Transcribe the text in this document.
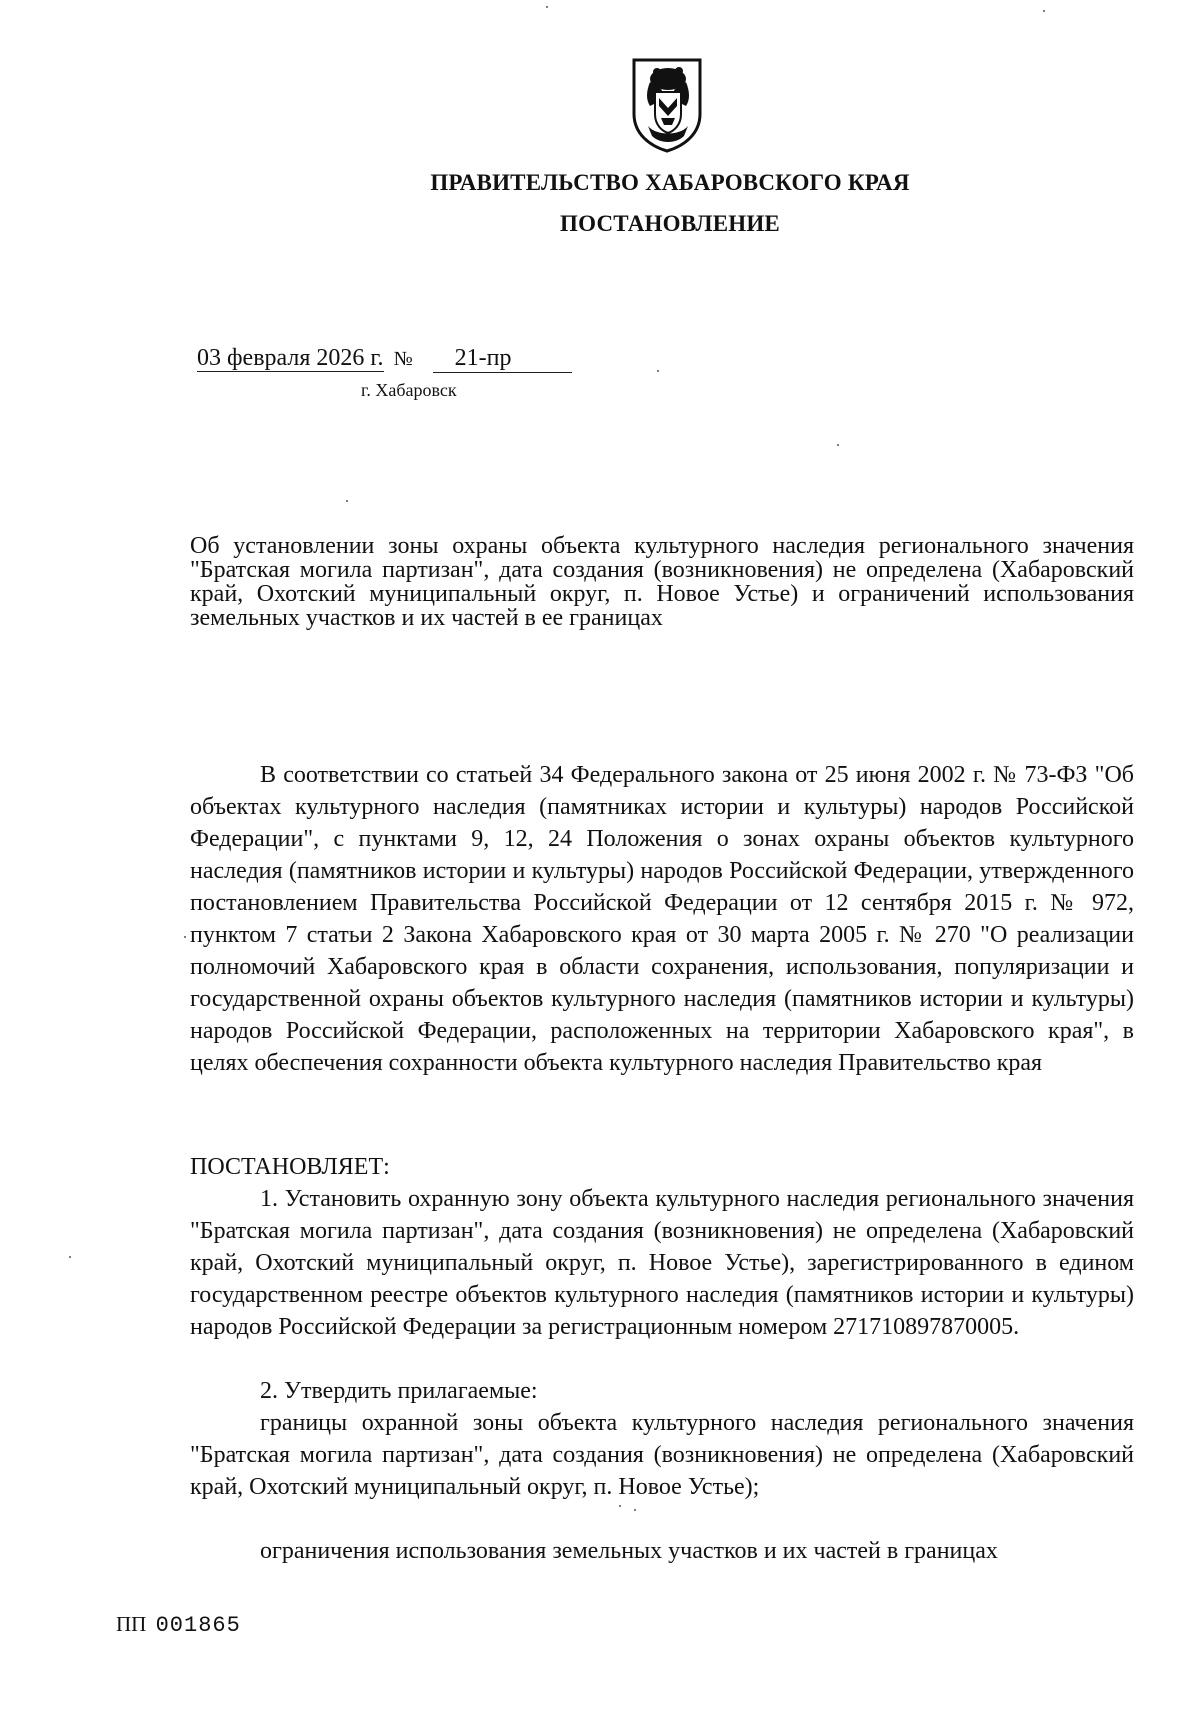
ПРАВИТЕЛЬСТВО ХАБАРОВСКОГО КРАЯ
ПОСТАНОВЛЕНИЕ
03 февраля 2026 г. № 21-пр
г. Хабаровск
Об установлении зоны охраны объекта культурного наследия регионального значения "Братская могила партизан", дата создания (возникновения) не определена (Хабаровский край, Охотский муниципальный округ, п. Новое Устье) и ограничений использования земельных участков и их частей в ее границах

В соответствии со статьей 34 Федерального закона от 25 июня 2002 г. № 73-ФЗ "Об объектах культурного наследия (памятниках истории и культуры) народов Российской Федерации", с пунктами 9, 12, 24 Положения о зонах охраны объектов культурного наследия (памятников истории и культуры) народов Российской Федерации, утвержденного постановлением Правительства Российской Федерации от 12 сентября 2015 г. № 972, пунктом 7 статьи 2 Закона Хабаровского края от 30 марта 2005 г. № 270 "О реализации полномочий Хабаровского края в области сохранения, использования, популяризации и государственной охраны объектов культурного наследия (памятников истории и культуры) народов Российской Федерации, расположенных на территории Хабаровского края", в целях обеспечения сохранности объекта культурного наследия Правительство края

ПОСТАНОВЛЯЕТ:

1. Установить охранную зону объекта культурного наследия регионального значения "Братская могила партизан", дата создания (возникновения) не определена (Хабаровский край, Охотский муниципальный округ, п. Новое Устье), зарегистрированного в едином государственном реестре объектов культурного наследия (памятников истории и культуры) народов Российской Федерации за регистрационным номером 271710897870005.

2. Утвердить прилагаемые:

границы охранной зоны объекта культурного наследия регионального значения "Братская могила партизан", дата создания (возникновения) не определена (Хабаровский край, Охотский муниципальный округ, п. Новое Устье);

ограничения использования земельных участков и их частей в границах

ПП 001865
